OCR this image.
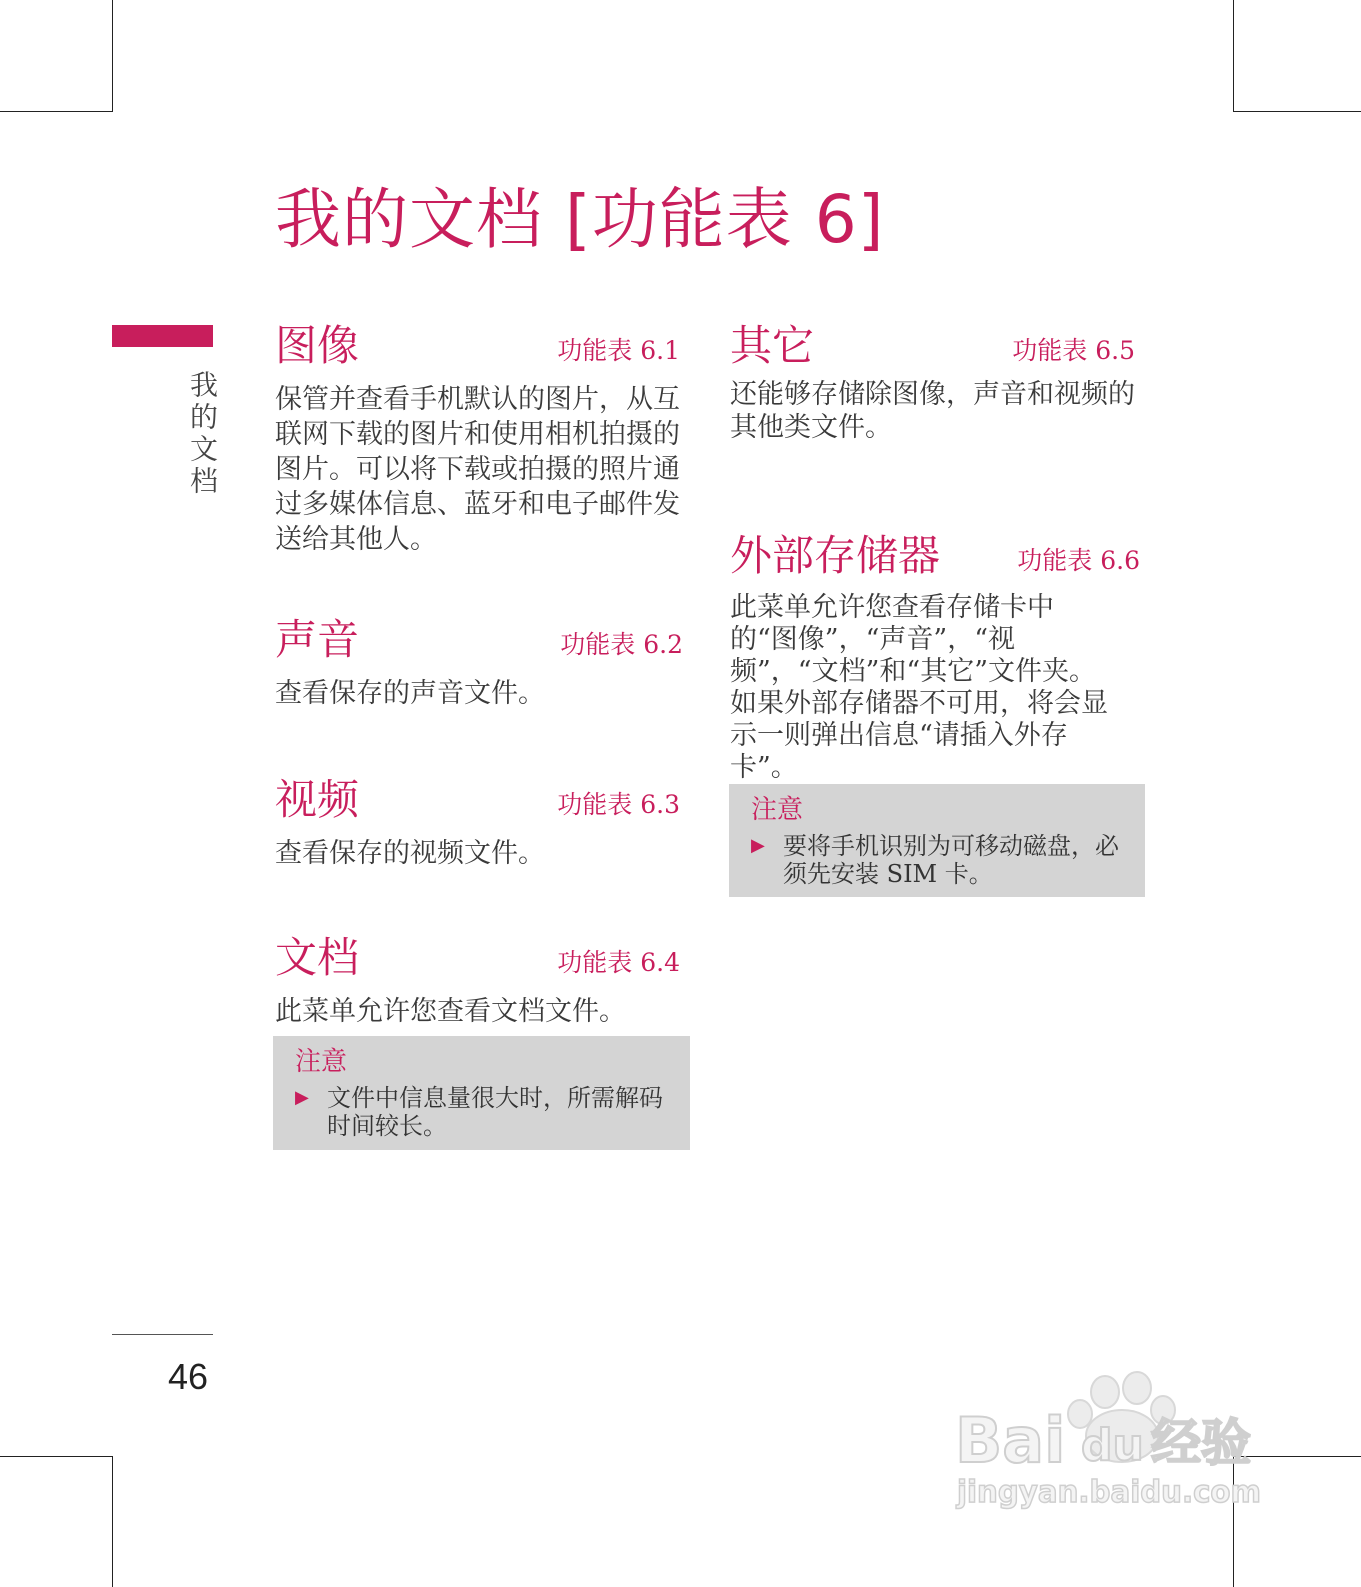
我的文档 [功能表 6]
我的文档
图像	功能表 6.1
保管并查看手机默认的图片，从互联网下载的图片和使用相机拍摄的图片。可以将下载或拍摄的照片通过多媒体信息、蓝牙和电子邮件发送给其他人。
声音	功能表 6.2
查看保存的声音文件。
视频	功能表 6.3
查看保存的视频文件。
文档	功能表 6.4
此菜单允许您查看文档文件。
注意
▶ 文件中信息量很大时，所需解码时间较长。
其它	功能表 6.5
还能够存储除图像，声音和视频的其他类文件。
外部存储器	功能表 6.6
此菜单允许您查看存储卡中的“图像”，“声音”，“视频”，“文档”和“其它”文件夹。如果外部存储器不可用，将会显示一则弹出信息“请插入外存卡”。
注意
▶ 要将手机识别为可移动磁盘，必须先安装 SIM 卡。
46
Bai du 经验
jingyan.baidu.com
